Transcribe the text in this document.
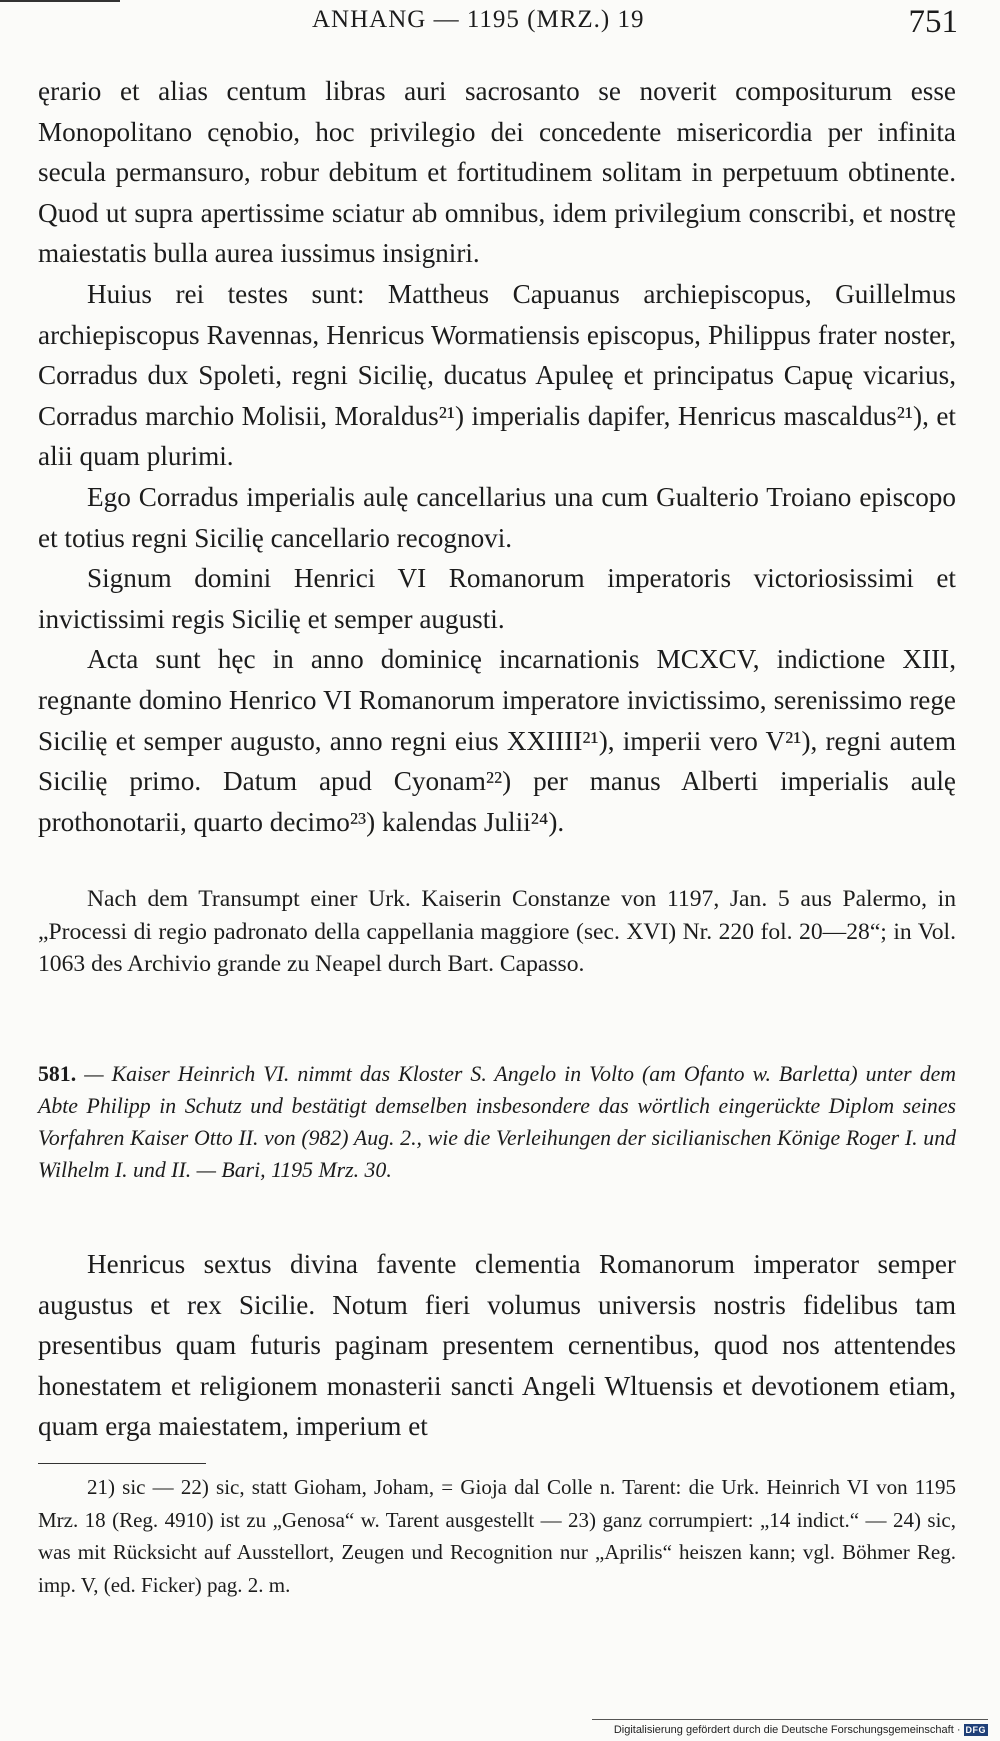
ANHANG — 1195 (MRZ.) 19	751

ęrario et alias centum libras auri sacrosanto se noverit compositurum esse Monopolitano cęnobio, hoc privilegio dei concedente misericordia per infinita secula permansuro, robur debitum et fortitudinem solitam in perpetuum obtinente. Quod ut supra apertissime sciatur ab omnibus, idem privilegium conscribi, et nostrę maiestatis bulla aurea iussimus insigniri.

Huius rei testes sunt: Mattheus Capuanus archiepiscopus, Guillelmus archiepiscopus Ravennas, Henricus Wormatiensis episcopus, Philippus frater noster, Corradus dux Spoleti, regni Sicilię, ducatus Apuleę et principatus Capuę vicarius, Corradus marchio Molisii, Moraldus²¹) imperialis dapifer, Henricus mascaldus²¹), et alii quam plurimi.

Ego Corradus imperialis aulę cancellarius una cum Gualterio Troiano episcopo et totius regni Sicilię cancellario recognovi.

Signum domini Henrici VI Romanorum imperatoris victoriosissimi et invictissimi regis Sicilię et semper augusti.

Acta sunt hęc in anno dominicę incarnationis MCXCV, indictione XIII, regnante domino Henrico VI Romanorum imperatore invictissimo, serenissimo rege Sicilię et semper augusto, anno regni eius XXIIII²¹), imperii vero V²¹), regni autem Sicilię primo. Datum apud Cyonam²²) per manus Alberti imperialis aulę prothonotarii, quarto decimo²³) kalendas Julii²⁴).

Nach dem Transumpt einer Urk. Kaiserin Constanze von 1197, Jan. 5 aus Palermo, in „Processi di regio padronato della cappellania maggiore (sec. XVI) Nr. 220 fol. 20—28“; in Vol. 1063 des Archivio grande zu Neapel durch Bart. Capasso.
581. — Kaiser Heinrich VI. nimmt das Kloster S. Angelo in Volto (am Ofanto w. Barletta) unter dem Abte Philipp in Schutz und bestätigt demselben insbesondere das wörtlich eingerückte Diplom seines Vorfahren Kaiser Otto II. von (982) Aug. 2., wie die Verleihungen der sicilianischen Könige Roger I. und Wilhelm I. und II. — Bari, 1195 Mrz. 30.

Henricus sextus divina favente clementia Romanorum imperator semper augustus et rex Sicilie. Notum fieri volumus universis nostris fidelibus tam presentibus quam futuris paginam presentem cernentibus, quod nos attentendes honestatem et religionem monasterii sancti Angeli Wltuensis et devotionem etiam, quam erga maiestatem, imperium et

21) sic — 22) sic, statt Gioham, Joham, = Gioja dal Colle n. Tarent: die Urk. Heinrich VI von 1195 Mrz. 18 (Reg. 4910) ist zu „Genosa“ w. Tarent ausgestellt — 23) ganz corrumpiert: „14 indict.“ — 24) sic, was mit Rücksicht auf Ausstellort, Zeugen und Recognition nur „Aprilis“ heiszen kann; vgl. Böhmer Reg. imp. V, (ed. Ficker) pag. 2. m.
Digitalisierung gefördert durch die Deutsche Forschungsgemeinschaft · DFG
